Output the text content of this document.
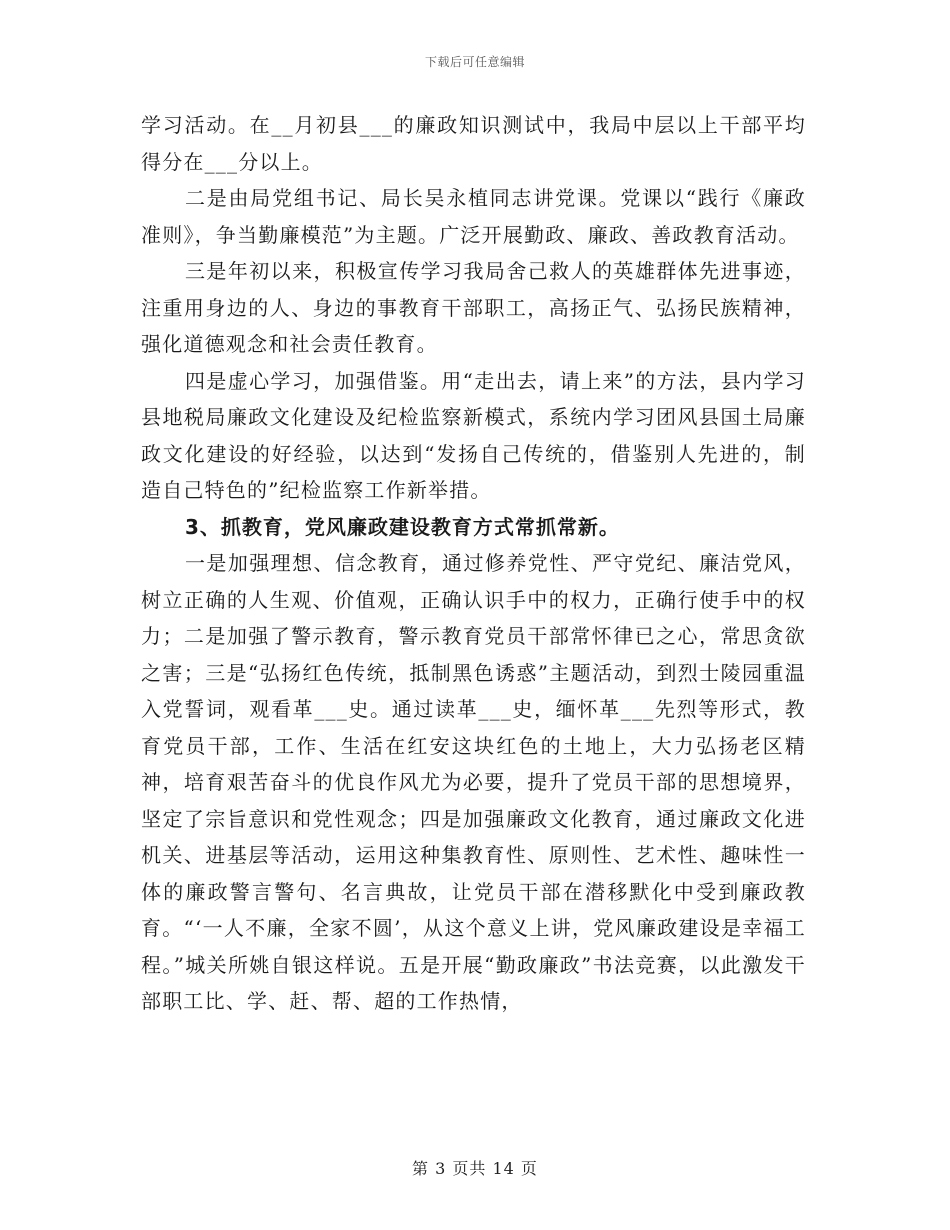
下载后可任意编辑

学习活动。在__月初县___的廉政知识测试中，我局中层以上干部平均得分在___分以上。

二是由局党组书记、局长吴永植同志讲党课。党课以“践行《廉政准则》，争当勤廉模范”为主题。广泛开展勤政、廉政、善政教育活动。

三是年初以来，积极宣传学习我局舍己救人的英雄群体先进事迹，注重用身边的人、身边的事教育干部职工，高扬正气、弘扬民族精神，强化道德观念和社会责任教育。

四是虚心学习，加强借鉴。用“走出去，请上来”的方法，县内学习县地税局廉政文化建设及纪检监察新模式，系统内学习团风县国土局廉政文化建设的好经验，以达到“发扬自己传统的，借鉴别人先进的，制造自己特色的”纪检监察工作新举措。

3、抓教育，党风廉政建设教育方式常抓常新。

一是加强理想、信念教育，通过修养党性、严守党纪、廉洁党风，树立正确的人生观、价值观，正确认识手中的权力，正确行使手中的权力；二是加强了警示教育，警示教育党员干部常怀律已之心，常思贪欲之害；三是“弘扬红色传统，抵制黑色诱惑”主题活动，到烈士陵园重温入党誓词，观看革___史。通过读革___史，缅怀革___先烈等形式，教育党员干部，工作、生活在红安这块红色的土地上，大力弘扬老区精神，培育艰苦奋斗的优良作风尤为必要，提升了党员干部的思想境界，坚定了宗旨意识和党性观念；四是加强廉政文化教育，通过廉政文化进机关、进基层等活动，运用这种集教育性、原则性、艺术性、趣味性一体的廉政警言警句、名言典故，让党员干部在潜移默化中受到廉政教育。“‘一人不廉，全家不圆’，从这个意义上讲，党风廉政建设是幸福工程。”城关所姚自银这样说。五是开展“勤政廉政”书法竞赛，以此激发干部职工比、学、赶、帮、超的工作热情，

第 3 页共 14 页
